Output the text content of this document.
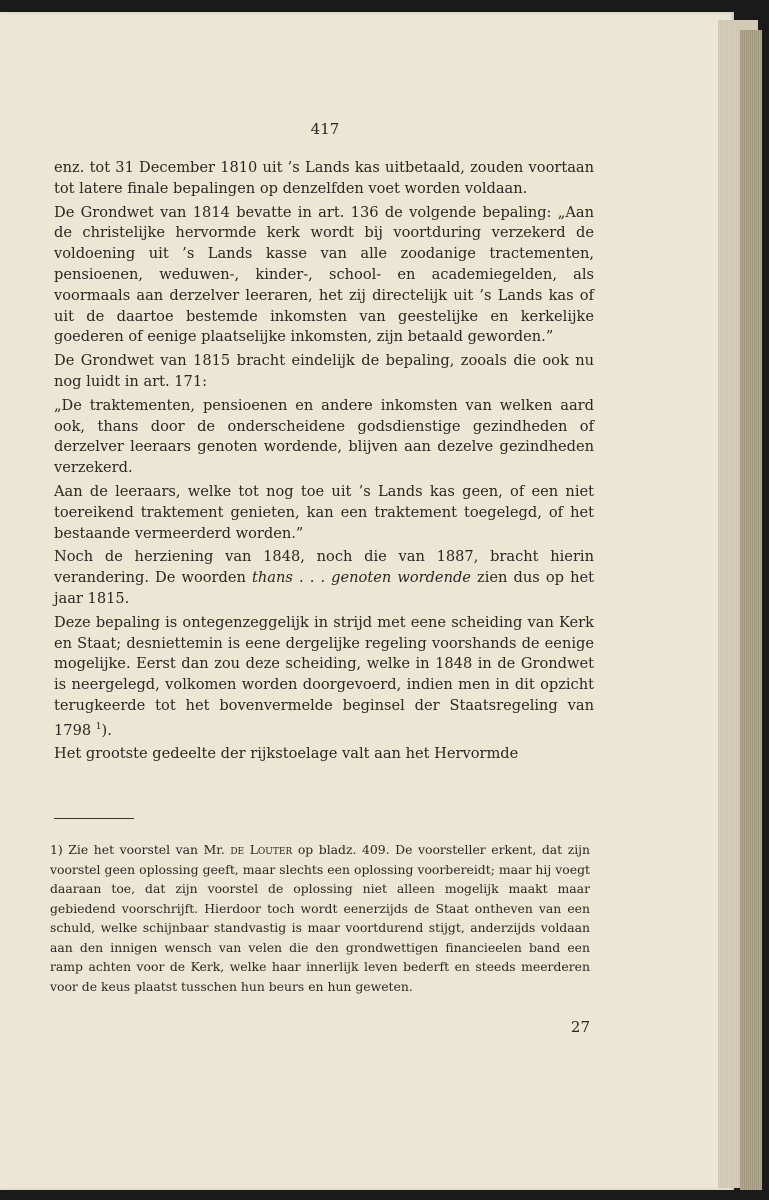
417

enz. tot 31 December 1810 uit ’s Lands kas uitbetaald, zouden voortaan tot latere finale bepalingen op denzelfden voet worden voldaan.

De Grondwet van 1814 bevatte in art. 136 de volgende bepaling: „Aan de christelijke hervormde kerk wordt bij voortduring verzekerd de voldoening uit ’s Lands kasse van alle zoodanige tractementen, pensioenen, weduwen-, kinder-, school- en academiegelden, als voormaals aan derzelver leeraren, het zij directelijk uit ’s Lands kas of uit de daartoe bestemde inkomsten van geestelijke en kerkelijke goederen of eenige plaatselijke inkomsten, zijn betaald geworden.”

De Grondwet van 1815 bracht eindelijk de bepaling, zooals die ook nu nog luidt in art. 171:

„De traktementen, pensioenen en andere inkomsten van welken aard ook, thans door de onderscheidene godsdienstige gezindheden of derzelver leeraars genoten wordende, blijven aan dezelve gezindheden verzekerd.

Aan de leeraars, welke tot nog toe uit ’s Lands kas geen, of een niet toereikend traktement genieten, kan een traktement toegelegd, of het bestaande vermeerderd worden.”

Noch de herziening van 1848, noch die van 1887, bracht hierin verandering. De woorden thans . . . genoten wordende zien dus op het jaar 1815.

Deze bepaling is ontegenzeggelijk in strijd met eene scheiding van Kerk en Staat; desniettemin is eene dergelijke regeling voorshands de eenige mogelijke. Eerst dan zou deze scheiding, welke in 1848 in de Grondwet is neergelegd, volkomen worden doorgevoerd, indien men in dit opzicht terugkeerde tot het bovenvermelde beginsel der Staatsregeling van 1798 $^1$).

Het grootste gedeelte der rijkstoelage valt aan het Hervormde

1) Zie het voorstel van Mr. de Louter op bladz. 409. De voorsteller erkent, dat zijn voorstel geen oplossing geeft, maar slechts een oplossing voorbereidt; maar hij voegt daaraan toe, dat zijn voorstel de oplossing niet alleen mogelijk maakt maar gebiedend voorschrijft. Hierdoor toch wordt eenerzijds de Staat ontheven van een schuld, welke schijnbaar standvastig is maar voortdurend stijgt, anderzijds voldaan aan den innigen wensch van velen die den grondwettigen financieelen band een ramp achten voor de Kerk, welke haar innerlijk leven bederft en steeds meerderen voor de keus plaatst tusschen hun beurs en hun geweten.

27
